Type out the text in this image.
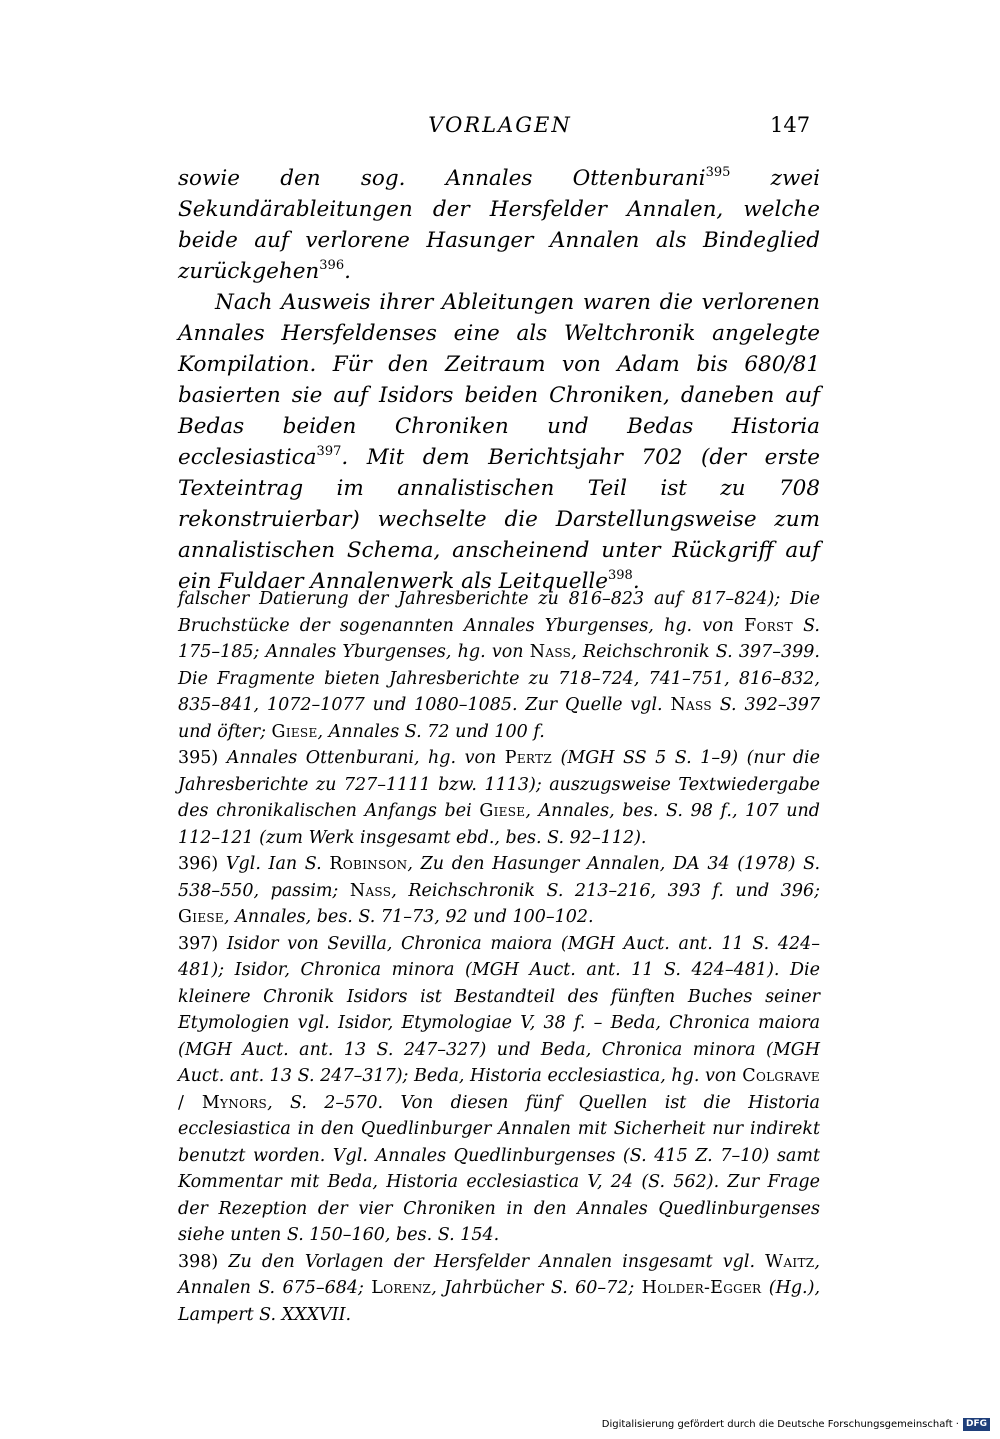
VORLAGEN	147

sowie den sog. Annales Ottenburani$^{395}$ zwei Sekundärableitungen der Hersfelder Annalen, welche beide auf verlorene Hasunger Annalen als Bindeglied zurückgehen$^{396}$.

Nach Ausweis ihrer Ableitungen waren die verlorenen Annales Hersfeldenses eine als Weltchronik angelegte Kompilation. Für den Zeitraum von Adam bis 680/81 basierten sie auf Isidors beiden Chroniken, daneben auf Bedas beiden Chroniken und Bedas Historia ecclesiastica$^{397}$. Mit dem Berichtsjahr 702 (der erste Texteintrag im annalistischen Teil ist zu 708 rekonstruierbar) wechselte die Darstellungsweise zum annalistischen Schema, anscheinend unter Rückgriff auf ein Fuldaer Annalenwerk als Leitquelle$^{398}$.

falscher Datierung der Jahresberichte zu 816–823 auf 817–824); Die Bruchstücke der sogenannten Annales Yburgenses, hg. von Forst S. 175–185; Annales Yburgenses, hg. von Nass, Reichschronik S. 397–399. Die Fragmente bieten Jahresberichte zu 718–724, 741–751, 816–832, 835–841, 1072–1077 und 1080–1085. Zur Quelle vgl. Nass S. 392–397 und öfter; Giese, Annales S. 72 und 100 f.

395) Annales Ottenburani, hg. von Pertz (MGH SS 5 S. 1–9) (nur die Jahresberichte zu 727–1111 bzw. 1113); auszugsweise Textwiedergabe des chronikalischen Anfangs bei Giese, Annales, bes. S. 98 f., 107 und 112–121 (zum Werk insgesamt ebd., bes. S. 92–112).

396) Vgl. Ian S. Robinson, Zu den Hasunger Annalen, DA 34 (1978) S. 538–550, passim; Nass, Reichschronik S. 213–216, 393 f. und 396; Giese, Annales, bes. S. 71–73, 92 und 100–102.

397) Isidor von Sevilla, Chronica maiora (MGH Auct. ant. 11 S. 424–481); Isidor, Chronica minora (MGH Auct. ant. 11 S. 424–481). Die kleinere Chronik Isidors ist Bestandteil des fünften Buches seiner Etymologien vgl. Isidor, Etymologiae V, 38 f. – Beda, Chronica maiora (MGH Auct. ant. 13 S. 247–327) und Beda, Chronica minora (MGH Auct. ant. 13 S. 247–317); Beda, Historia ecclesiastica, hg. von Colgrave / Mynors, S. 2–570. Von diesen fünf Quellen ist die Historia ecclesiastica in den Quedlinburger Annalen mit Sicherheit nur indirekt benutzt worden. Vgl. Annales Quedlinburgenses (S. 415 Z. 7–10) samt Kommentar mit Beda, Historia ecclesiastica V, 24 (S. 562). Zur Frage der Rezeption der vier Chroniken in den Annales Quedlinburgenses siehe unten S. 150–160, bes. S. 154.

398) Zu den Vorlagen der Hersfelder Annalen insgesamt vgl. Waitz, Annalen S. 675–684; Lorenz, Jahrbücher S. 60–72; Holder-Egger (Hg.), Lampert S. XXXVII.

Digitalisierung gefördert durch die Deutsche Forschungsgemeinschaft · DFG
